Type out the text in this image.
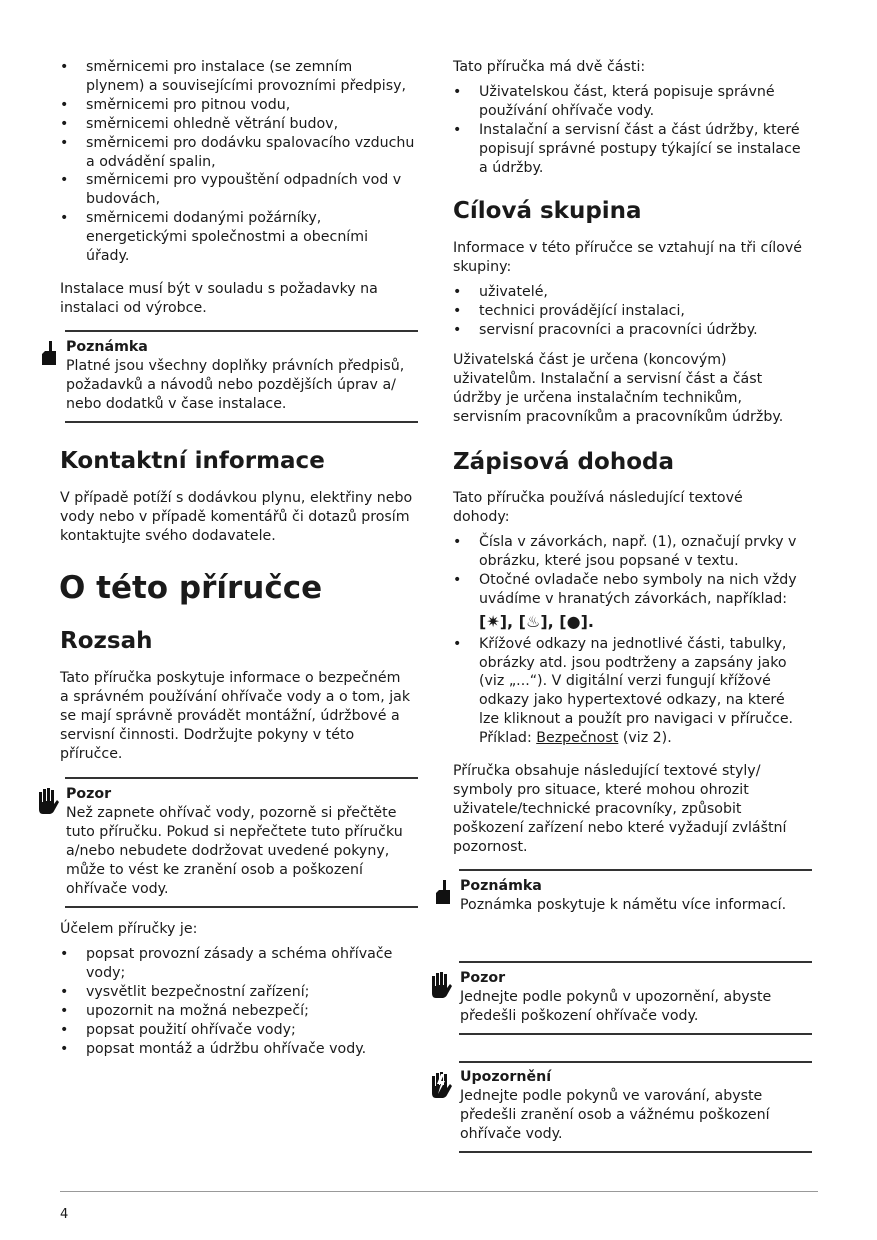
• směrnicemi pro instalace (se zemním
plynem) a souvisejícími provozními předpisy,
• směrnicemi pro pitnou vodu,
• směrnicemi ohledně větrání budov,
• směrnicemi pro dodávku spalovacího vzduchu
a odvádění spalin,
• směrnicemi pro vypouštění odpadních vod v
budovách,
• směrnicemi dodanými požárníky,
energetickými společnostmi a obecními
úřady.
Instalace musí být v souladu s požadavky na
instalaci od výrobce.
Poznámka
Platné jsou všechny doplňky právních předpisů,
požadavků a návodů nebo pozdějších úprav a/
nebo dodatků v čase instalace.
Kontaktní informace
V případě potíží s dodávkou plynu, elektřiny nebo
vody nebo v případě komentářů či dotazů prosím
kontaktujte svého dodavatele.
O této příručce
Rozsah
Tato příručka poskytuje informace o bezpečném
a správném používání ohřívače vody a o tom, jak
se mají správně provádět montážní, údržbové a
servisní činnosti. Dodržujte pokyny v této
příručce.
Pozor
Než zapnete ohřívač vody, pozorně si přečtěte
tuto příručku. Pokud si nepřečtete tuto příručku
a/nebo nebudete dodržovat uvedené pokyny,
může to vést ke zranění osob a poškození
ohřívače vody.
Účelem příručky je:
• popsat provozní zásady a schéma ohřívače
vody;
• vysvětlit bezpečnostní zařízení;
• upozornit na možná nebezpečí;
• popsat použití ohřívače vody;
• popsat montáž a údržbu ohřívače vody.
Tato příručka má dvě části:
• Uživatelskou část, která popisuje správné
používání ohřívače vody.
• Instalační a servisní část a část údržby, které
popisují správné postupy týkající se instalace
a údržby.
Cílová skupina
Informace v této příručce se vztahují na tři cílové
skupiny:
• uživatelé,
• technici provádějící instalaci,
• servisní pracovníci a pracovníci údržby.
Uživatelská část je určena (koncovým)
uživatelům. Instalační a servisní část a část
údržby je určena instalačním technikům,
servisním pracovníkům a pracovníkům údržby.
Zápisová dohoda
Tato příručka používá následující textové
dohody:
• Čísla v závorkách, např. (1), označují prvky v
obrázku, které jsou popsané v textu.
• Otočné ovladače nebo symboly na nich vždy
uvádíme v hranatých závorkách, například:
[✷], [♨], [●].
• Křížové odkazy na jednotlivé části, tabulky,
obrázky atd. jsou podtrženy a zapsány jako
(viz „...“). V digitální verzi fungují křížové
odkazy jako hypertextové odkazy, na které
lze kliknout a použít pro navigaci v příručce.
Příklad: Bezpečnost (viz 2).
Příručka obsahuje následující textové styly/
symboly pro situace, které mohou ohrozit
uživatele/technické pracovníky, způsobit
poškození zařízení nebo které vyžadují zvláštní
pozornost.
Poznámka
Poznámka poskytuje k námětu více informací.
Pozor
Jednejte podle pokynů v upozornění, abyste
předešli poškození ohřívače vody.
Upozornění
Jednejte podle pokynů ve varování, abyste
předešli zranění osob a vážnému poškození
ohřívače vody.
4
